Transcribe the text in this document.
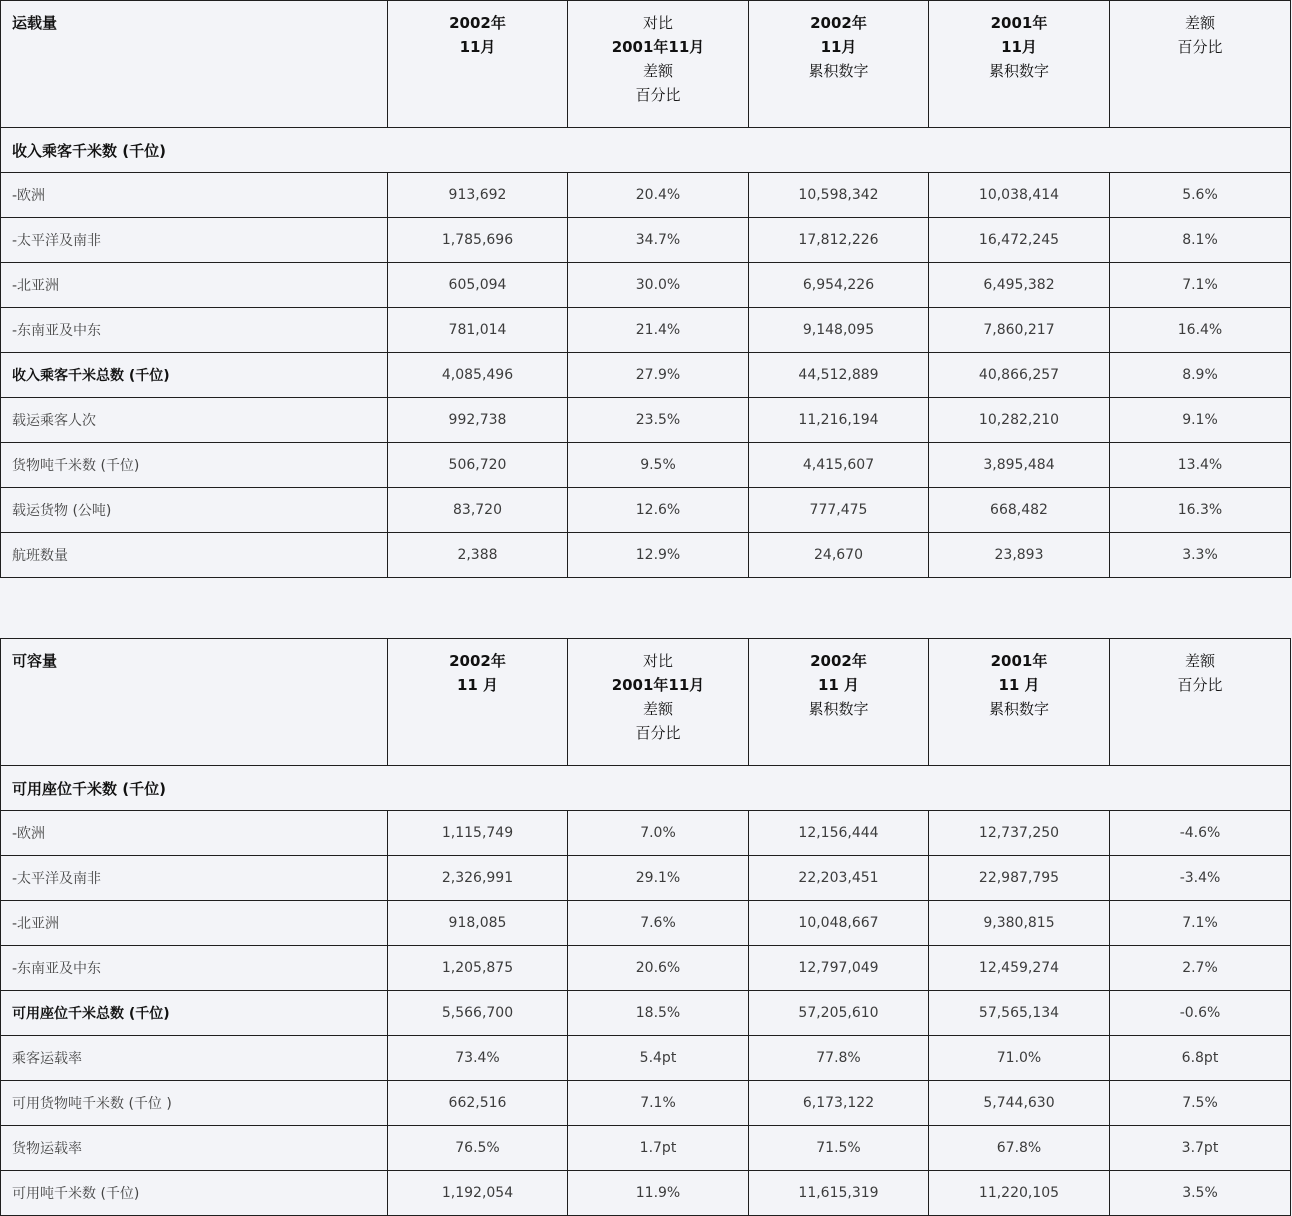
运载量	2002年
11月	对比
2001年11月
差额
百分比	2002年
11月
累积数字	2001年
11月
累积数字	差额
百分比

收入乘客千米数 (千位)					
-欧洲	913,692	20.4%	10,598,342	10,038,414	5.6%
-太平洋及南非	1,785,696	34.7%	17,812,226	16,472,245	8.1%
-北亚洲	605,094	30.0%	6,954,226	6,495,382	7.1%
-东南亚及中东	781,014	21.4%	9,148,095	7,860,217	16.4%
收入乘客千米总数 (千位)	4,085,496	27.9%	44,512,889	40,866,257	8.9%
载运乘客人次	992,738	23.5%	11,216,194	10,282,210	9.1%
货物吨千米数 (千位)	506,720	9.5%	4,415,607	3,895,484	13.4%
载运货物 (公吨)	83,720	12.6%	777,475	668,482	16.3%
航班数量	2,388	12.9%	24,670	23,893	3.3%
可容量	2002年
11 月	对比
2001年11月
差额
百分比	2002年
11 月
累积数字	2001年
11 月
累积数字	差额
百分比

可用座位千米数 (千位)					
-欧洲	1,115,749	7.0%	12,156,444	12,737,250	-4.6%
-太平洋及南非	2,326,991	29.1%	22,203,451	22,987,795	-3.4%
-北亚洲	918,085	7.6%	10,048,667	9,380,815	7.1%
-东南亚及中东	1,205,875	20.6%	12,797,049	12,459,274	2.7%
可用座位千米总数 (千位)	5,566,700	18.5%	57,205,610	57,565,134	-0.6%
乘客运载率	73.4%	5.4pt	77.8%	71.0%	6.8pt
可用货物吨千米数 (千位 )	662,516	7.1%	6,173,122	5,744,630	7.5%
货物运载率	76.5%	1.7pt	71.5%	67.8%	3.7pt
可用吨千米数 (千位)	1,192,054	11.9%	11,615,319	11,220,105	3.5%
